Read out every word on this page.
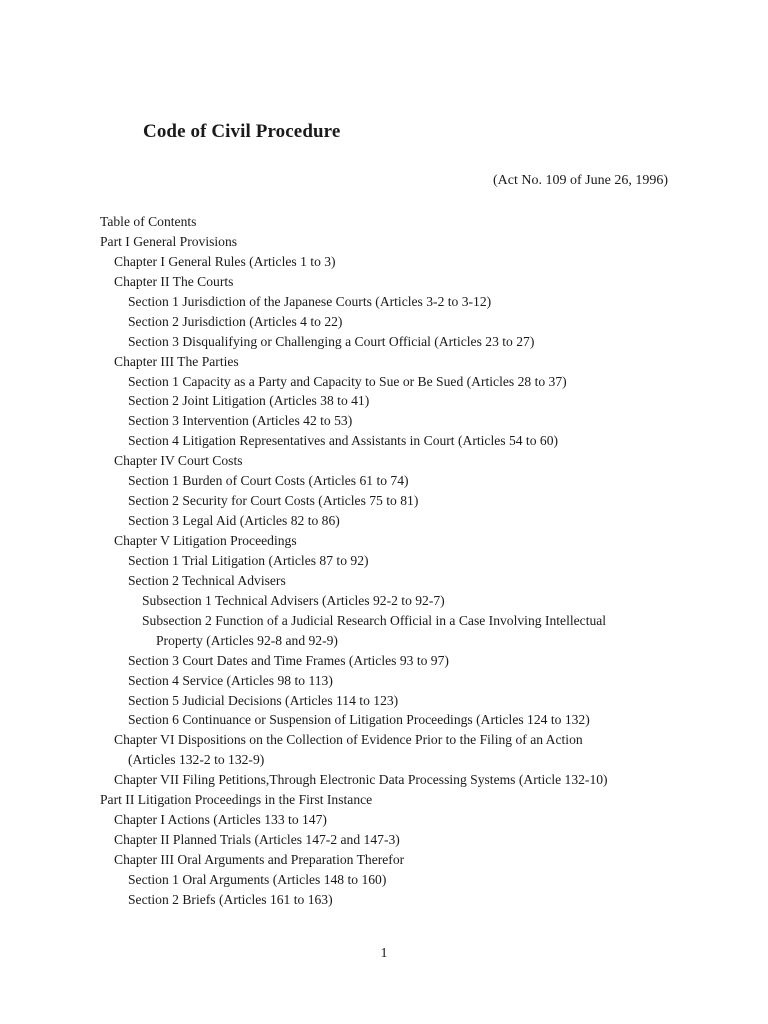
Code of Civil Procedure
(Act No. 109 of June 26, 1996)
Table of Contents
Part I General Provisions
Chapter I General Rules (Articles 1 to 3)
Chapter II The Courts
Section 1 Jurisdiction of the Japanese Courts (Articles 3-2 to 3-12)
Section 2 Jurisdiction (Articles 4 to 22)
Section 3 Disqualifying or Challenging a Court Official (Articles 23 to 27)
Chapter III The Parties
Section 1 Capacity as a Party and Capacity to Sue or Be Sued (Articles 28 to 37)
Section 2 Joint Litigation (Articles 38 to 41)
Section 3 Intervention (Articles 42 to 53)
Section 4 Litigation Representatives and Assistants in Court (Articles 54 to 60)
Chapter IV Court Costs
Section 1 Burden of Court Costs (Articles 61 to 74)
Section 2 Security for Court Costs (Articles 75 to 81)
Section 3 Legal Aid (Articles 82 to 86)
Chapter V Litigation Proceedings
Section 1 Trial Litigation (Articles 87 to 92)
Section 2 Technical Advisers
Subsection 1 Technical Advisers (Articles 92-2 to 92-7)
Subsection 2 Function of a Judicial Research Official in a Case Involving Intellectual
Property (Articles 92-8 and 92-9)
Section 3 Court Dates and Time Frames (Articles 93 to 97)
Section 4 Service (Articles 98 to 113)
Section 5 Judicial Decisions (Articles 114 to 123)
Section 6 Continuance or Suspension of Litigation Proceedings (Articles 124 to 132)
Chapter VI Dispositions on the Collection of Evidence Prior to the Filing of an Action
(Articles 132-2 to 132-9)
Chapter VII Filing Petitions,Through Electronic Data Processing Systems (Article 132-10)
Part II Litigation Proceedings in the First Instance
Chapter I Actions (Articles 133 to 147)
Chapter II Planned Trials (Articles 147-2 and 147-3)
Chapter III Oral Arguments and Preparation Therefor
Section 1 Oral Arguments (Articles 148 to 160)
Section 2 Briefs (Articles 161 to 163)
1
